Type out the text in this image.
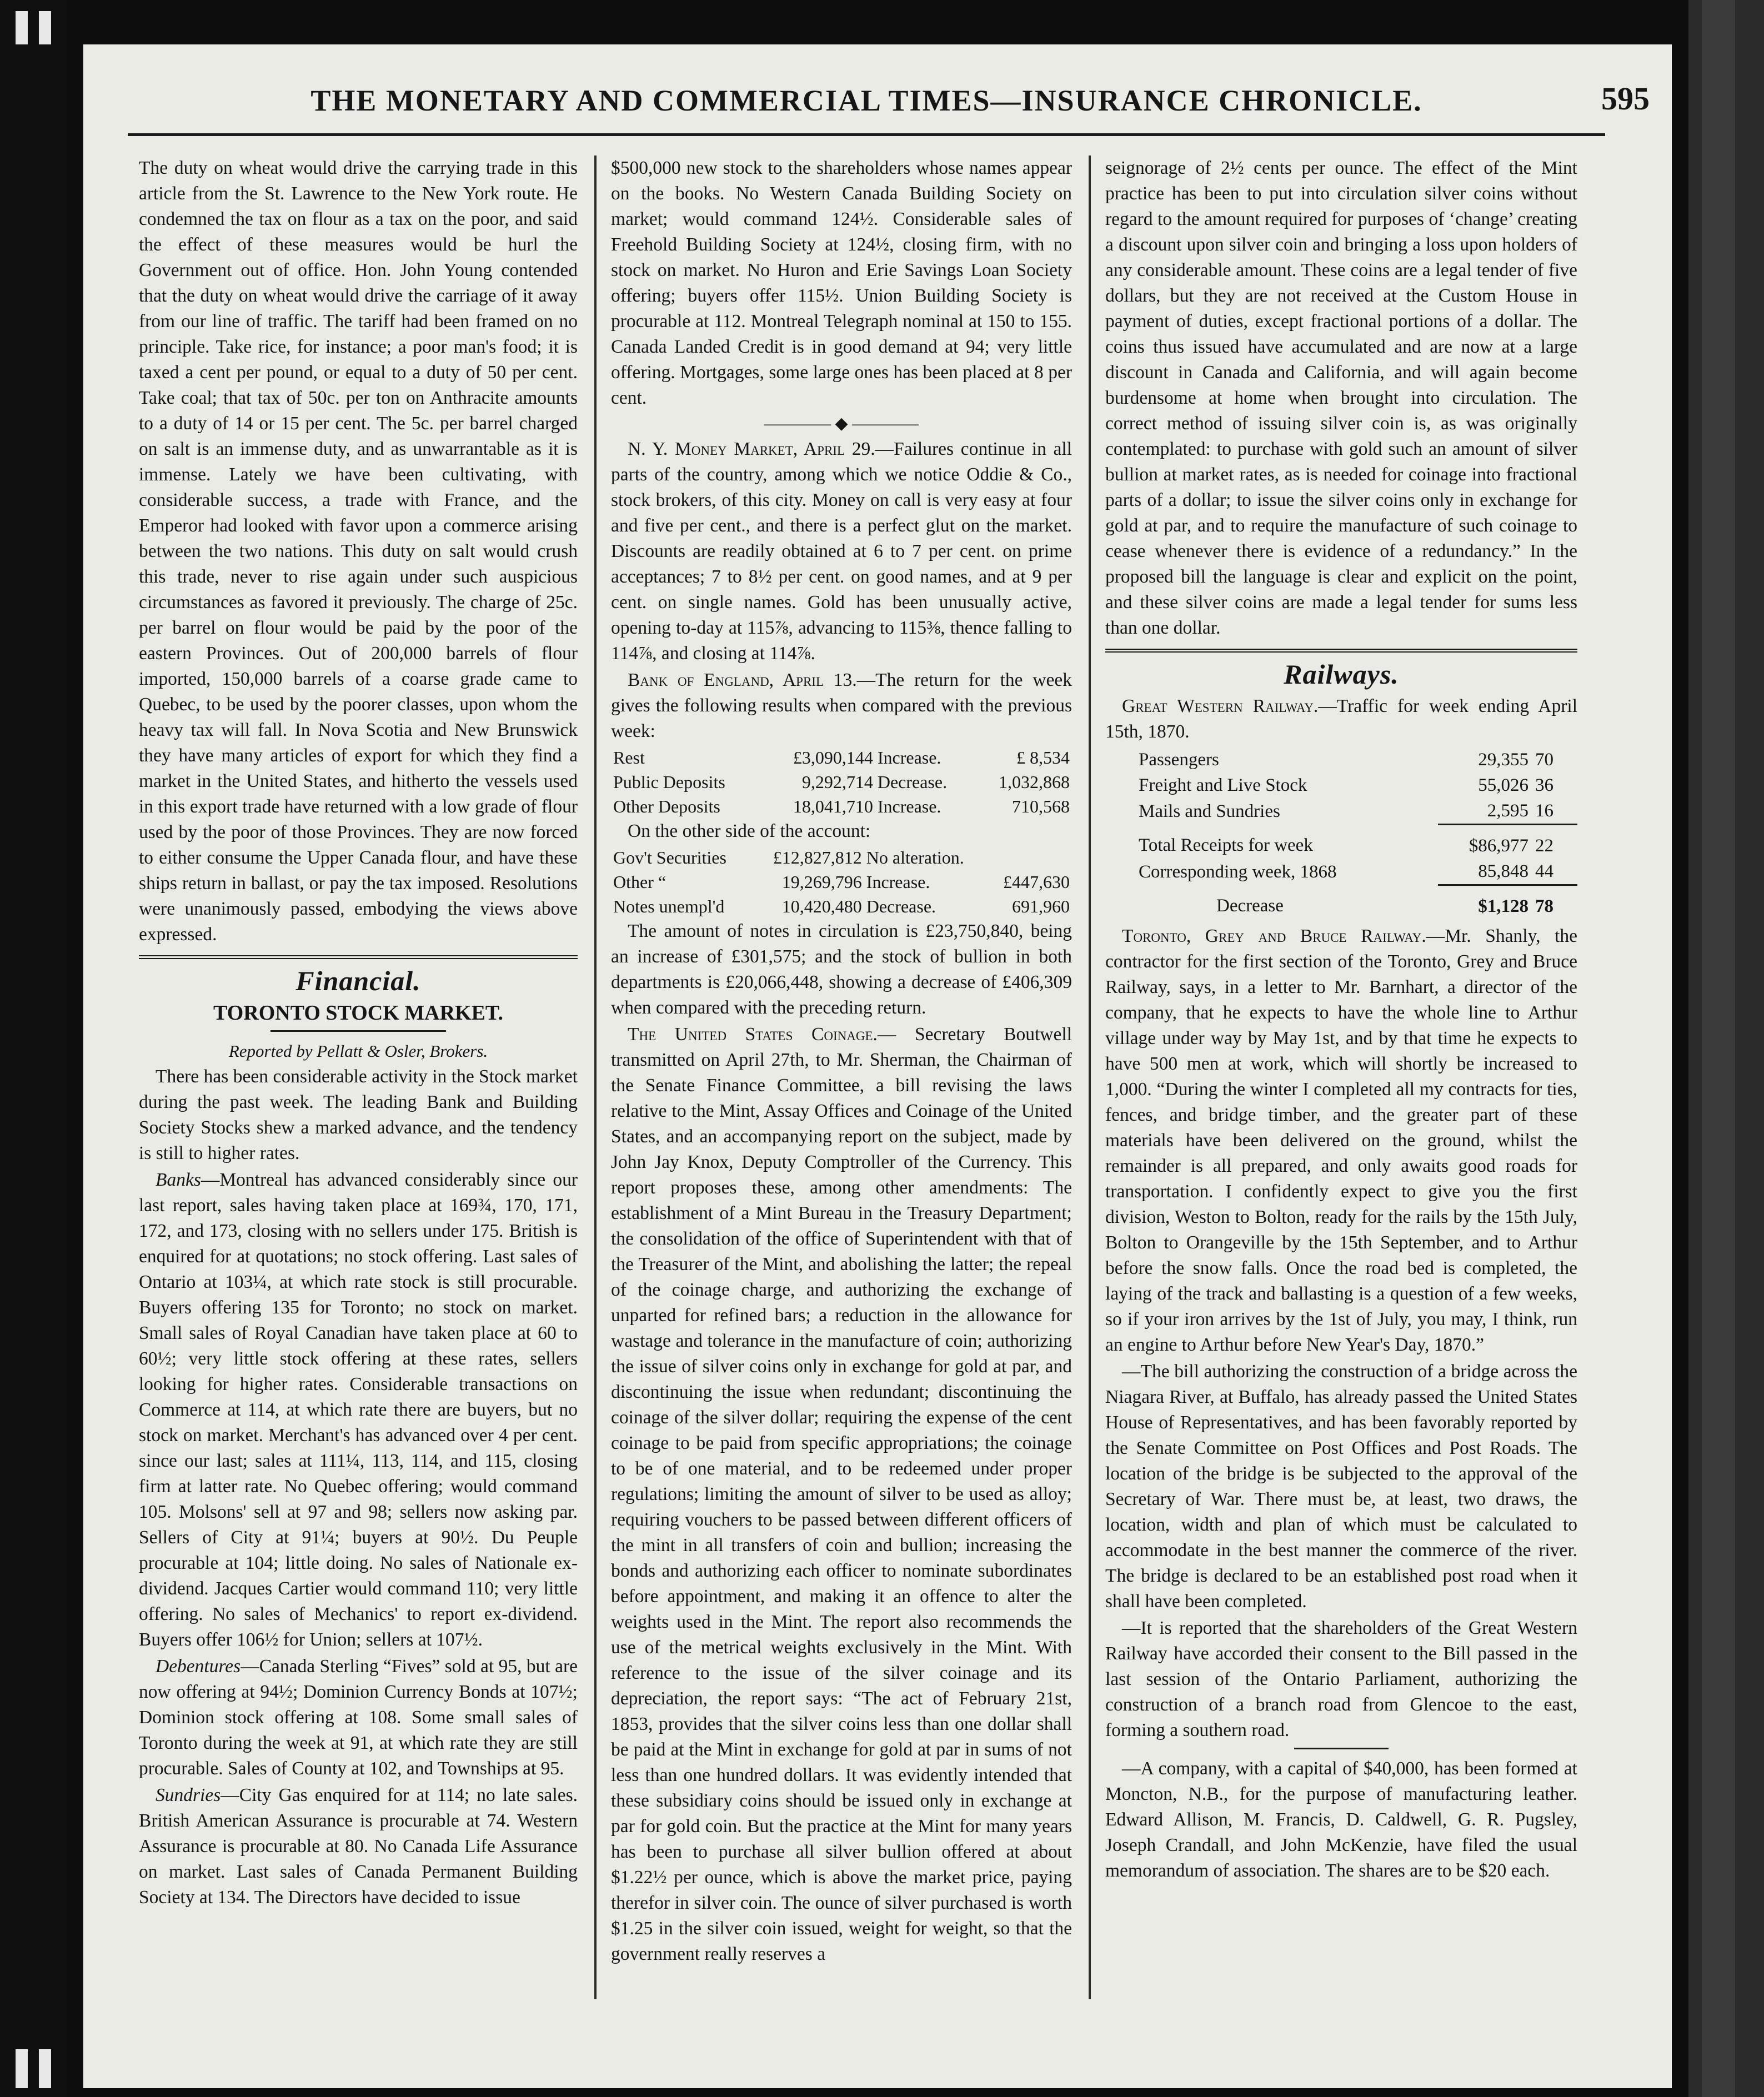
THE MONETARY AND COMMERCIAL TIMES—INSURANCE CHRONICLE.	595

The duty on wheat would drive the carrying trade in this article from the St. Lawrence to the New York route. He condemned the tax on flour as a tax on the poor, and said the effect of these measures would be hurl the Government out of office. Hon. John Young contended that the duty on wheat would drive the carriage of it away from our line of traffic. The tariff had been framed on no principle. Take rice, for instance; a poor man's food; it is taxed a cent per pound, or equal to a duty of 50 per cent. Take coal; that tax of 50c. per ton on Anthracite amounts to a duty of 14 or 15 per cent. The 5c. per barrel charged on salt is an immense duty, and as unwarrantable as it is immense. Lately we have been cultivating, with considerable success, a trade with France, and the Emperor had looked with favor upon a commerce arising between the two nations. This duty on salt would crush this trade, never to rise again under such auspicious circumstances as favored it previously. The charge of 25c. per barrel on flour would be paid by the poor of the eastern Provinces. Out of 200,000 barrels of flour imported, 150,000 barrels of a coarse grade came to Quebec, to be used by the poorer classes, upon whom the heavy tax will fall. In Nova Scotia and New Brunswick they have many articles of export for which they find a market in the United States, and hitherto the vessels used in this export trade have returned with a low grade of flour used by the poor of those Provinces. They are now forced to either consume the Upper Canada flour, and have these ships return in ballast, or pay the tax imposed. Resolutions were unanimously passed, embodying the views above expressed.

Financial.
TORONTO STOCK MARKET.
Reported by Pellatt & Osler, Brokers.

There has been considerable activity in the Stock market during the past week. The leading Bank and Building Society Stocks shew a marked advance, and the tendency is still to higher rates.

Banks—Montreal has advanced considerably since our last report, sales having taken place at 169¾, 170, 171, 172, and 173, closing with no sellers under 175. British is enquired for at quotations; no stock offering. Last sales of Ontario at 103¼, at which rate stock is still procurable. Buyers offering 135 for Toronto; no stock on market. Small sales of Royal Canadian have taken place at 60 to 60½; very little stock offering at these rates, sellers looking for higher rates. Considerable transactions on Commerce at 114, at which rate there are buyers, but no stock on market. Merchant's has advanced over 4 per cent. since our last; sales at 111¼, 113, 114, and 115, closing firm at latter rate. No Quebec offering; would command 105. Molsons' sell at 97 and 98; sellers now asking par. Sellers of City at 91¼; buyers at 90½. Du Peuple procurable at 104; little doing. No sales of Nationale ex-dividend. Jacques Cartier would command 110; very little offering. No sales of Mechanics' to report ex-dividend. Buyers offer 106½ for Union; sellers at 107½.

Debentures—Canada Sterling “Fives” sold at 95, but are now offering at 94½; Dominion Currency Bonds at 107½; Dominion stock offering at 108. Some small sales of Toronto during the week at 91, at which rate they are still procurable. Sales of County at 102, and Townships at 95.

Sundries—City Gas enquired for at 114; no late sales. British American Assurance is procurable at 74. Western Assurance is procurable at 80. No Canada Life Assurance on market. Last sales of Canada Permanent Building Society at 134. The Directors have decided to issue

$500,000 new stock to the shareholders whose names appear on the books. No Western Canada Building Society on market; would command 124½. Considerable sales of Freehold Building Society at 124½, closing firm, with no stock on market. No Huron and Erie Savings Loan Society offering; buyers offer 115½. Union Building Society is procurable at 112. Montreal Telegraph nominal at 150 to 155. Canada Landed Credit is in good demand at 94; very little offering. Mortgages, some large ones has been placed at 8 per cent.

———— ◆ ————

N. Y. Money Market, April 29.—Failures continue in all parts of the country, among which we notice Oddie & Co., stock brokers, of this city. Money on call is very easy at four and five per cent., and there is a perfect glut on the market. Discounts are readily obtained at 6 to 7 per cent. on prime acceptances; 7 to 8½ per cent. on good names, and at 9 per cent. on single names. Gold has been unusually active, opening to-day at 115⅞, advancing to 115⅜, thence falling to 114⅞, and closing at 114⅞.

Bank of England, April 13.—The return for the week gives the following results when compared with the previous week:

Rest	£3,090,144	Increase.	£ 8,534
Public Deposits	9,292,714	Decrease.	1,032,868
Other Deposits	18,041,710	Increase.	710,568

On the other side of the account:

Gov't Securities	£12,827,812	No alteration.	
Other “	19,269,796	Increase.	£447,630
Notes unempl'd	10,420,480	Decrease.	691,960

The amount of notes in circulation is £23,750,840, being an increase of £301,575; and the stock of bullion in both departments is £20,066,448, showing a decrease of £406,309 when compared with the preceding return.

The United States Coinage.— Secretary Boutwell transmitted on April 27th, to Mr. Sherman, the Chairman of the Senate Finance Committee, a bill revising the laws relative to the Mint, Assay Offices and Coinage of the United States, and an accompanying report on the subject, made by John Jay Knox, Deputy Comptroller of the Currency. This report proposes these, among other amendments: The establishment of a Mint Bureau in the Treasury Department; the consolidation of the office of Superintendent with that of the Treasurer of the Mint, and abolishing the latter; the repeal of the coinage charge, and authorizing the exchange of unparted for refined bars; a reduction in the allowance for wastage and tolerance in the manufacture of coin; authorizing the issue of silver coins only in exchange for gold at par, and discontinuing the issue when redundant; discontinuing the coinage of the silver dollar; requiring the expense of the cent coinage to be paid from specific appropriations; the coinage to be of one material, and to be redeemed under proper regulations; limiting the amount of silver to be used as alloy; requiring vouchers to be passed between different officers of the mint in all transfers of coin and bullion; increasing the bonds and authorizing each officer to nominate subordinates before appointment, and making it an offence to alter the weights used in the Mint. The report also recommends the use of the metrical weights exclusively in the Mint. With reference to the issue of the silver coinage and its depreciation, the report says: “The act of February 21st, 1853, provides that the silver coins less than one dollar shall be paid at the Mint in exchange for gold at par in sums of not less than one hundred dollars. It was evidently intended that these subsidiary coins should be issued only in exchange at par for gold coin. But the practice at the Mint for many years has been to purchase all silver bullion offered at about $1.22½ per ounce, which is above the market price, paying therefor in silver coin. The ounce of silver purchased is worth $1.25 in the silver coin issued, weight for weight, so that the government really reserves a

seignorage of 2½ cents per ounce. The effect of the Mint practice has been to put into circulation silver coins without regard to the amount required for purposes of ‘change’ creating a discount upon silver coin and bringing a loss upon holders of any considerable amount. These coins are a legal tender of five dollars, but they are not received at the Custom House in payment of duties, except fractional portions of a dollar. The coins thus issued have accumulated and are now at a large discount in Canada and California, and will again become burdensome at home when brought into circulation. The correct method of issuing silver coin is, as was originally contemplated: to purchase with gold such an amount of silver bullion at market rates, as is needed for coinage into fractional parts of a dollar; to issue the silver coins only in exchange for gold at par, and to require the manufacture of such coinage to cease whenever there is evidence of a redundancy.” In the proposed bill the language is clear and explicit on the point, and these silver coins are made a legal tender for sums less than one dollar.

Railways.

Great Western Railway.—Traffic for week ending April 15th, 1870.

Passengers	29,355	70
Freight and Live Stock	55,026	36
Mails and Sundries	2,595	16
Total Receipts for week	$86,977	22
Corresponding week, 1868	85,848	44
Decrease	$1,128	78

Toronto, Grey and Bruce Railway.—Mr. Shanly, the contractor for the first section of the Toronto, Grey and Bruce Railway, says, in a letter to Mr. Barnhart, a director of the company, that he expects to have the whole line to Arthur village under way by May 1st, and by that time he expects to have 500 men at work, which will shortly be increased to 1,000. “During the winter I completed all my contracts for ties, fences, and bridge timber, and the greater part of these materials have been delivered on the ground, whilst the remainder is all prepared, and only awaits good roads for transportation. I confidently expect to give you the first division, Weston to Bolton, ready for the rails by the 15th July, Bolton to Orangeville by the 15th September, and to Arthur before the snow falls. Once the road bed is completed, the laying of the track and ballasting is a question of a few weeks, so if your iron arrives by the 1st of July, you may, I think, run an engine to Arthur before New Year's Day, 1870.”

—The bill authorizing the construction of a bridge across the Niagara River, at Buffalo, has already passed the United States House of Representatives, and has been favorably reported by the Senate Committee on Post Offices and Post Roads. The location of the bridge is be subjected to the approval of the Secretary of War. There must be, at least, two draws, the location, width and plan of which must be calculated to accommodate in the best manner the commerce of the river. The bridge is declared to be an established post road when it shall have been completed.

—It is reported that the shareholders of the Great Western Railway have accorded their consent to the Bill passed in the last session of the Ontario Parliament, authorizing the construction of a branch road from Glencoe to the east, forming a southern road.

—A company, with a capital of $40,000, has been formed at Moncton, N.B., for the purpose of manufacturing leather. Edward Allison, M. Francis, D. Caldwell, G. R. Pugsley, Joseph Crandall, and John McKenzie, have filed the usual memorandum of association. The shares are to be $20 each.
